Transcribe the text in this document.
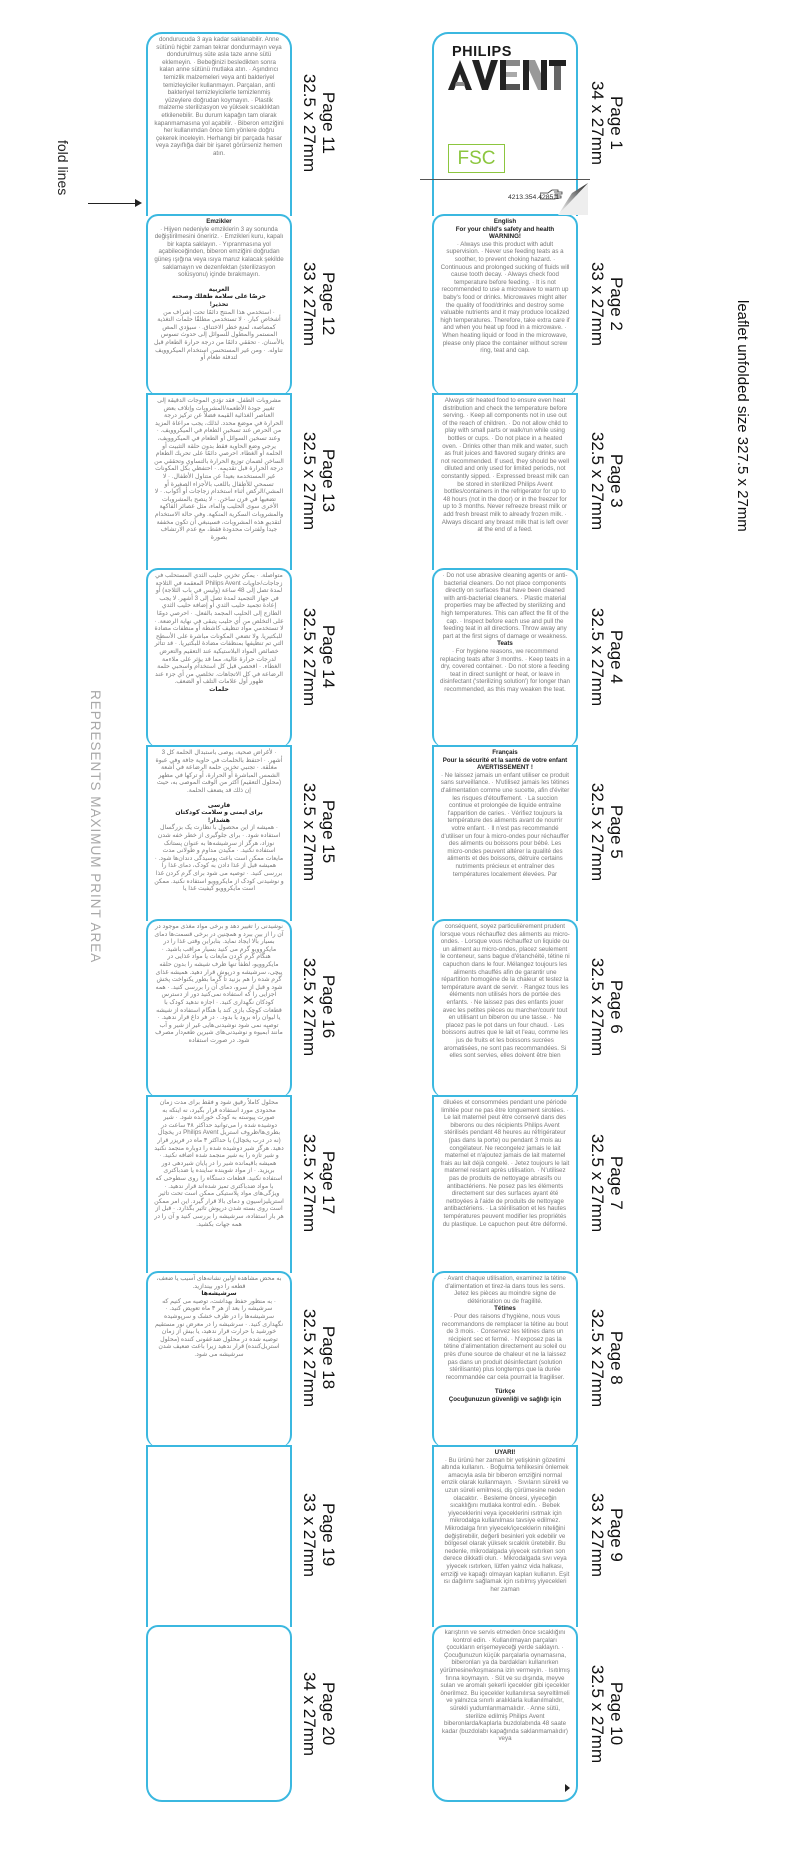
fold lines
REPRESENTS MAXIMUM PRINT AREA
leaflet unfolded size 327.5 x 27mm
PHILIPS
FSC
4213.354.4285.1
English
For your child's safety and health
WARNING!
· Always use this product with adult supervision. · Never use feeding teats as a soother, to prevent choking hazard. · Continuous and prolonged sucking of fluids will cause tooth decay. · Always check food temperature before feeding. · It is not recommended to use a microwave to warm up baby's food or drinks. Microwaves might alter the quality of food/drinks and destroy some valuable nutrients and it may produce localized high temperatures. Therefore, take extra care if and when you heat up food in a microwave. · When heating liquid or food in the microwave, please only place the container without screw ring, teat and cap.
Always stir heated food to ensure even heat distribution and check the temperature before serving. · Keep all components not in use out of the reach of children. · Do not allow child to play with small parts or walk/run while using bottles or cups. · Do not place in a heated oven. · Drinks other than milk and water, such as fruit juices and flavored sugary drinks are not recommended. If used, they should be well diluted and only used for limited periods, not constantly sipped. · Expressed breast milk can be stored in sterilized Philips Avent bottles/containers in the refrigerator for up to 48 hours (not in the door) or in the freezer for up to 3 months. Never refreeze breast milk or add fresh breast milk to already frozen milk. · Always discard any breast milk that is left over at the end of a feed.
· Do not use abrasive cleaning agents or anti-bacterial cleaners. Do not place components directly on surfaces that have been cleaned with anti-bacterial cleaners. · Plastic material properties may be affected by sterilizing and high temperatures. This can affect the fit of the cap. · Inspect before each use and pull the feeding teat in all directions. Throw away any part at the first signs of damage or weakness.
Teats
· For hygiene reasons, we recommend replacing teats after 3 months. · Keep teats in a dry, covered container. · Do not store a feeding teat in direct sunlight or heat, or leave in disinfectant ('sterilizing solution') for longer than recommended, as this may weaken the teat.
Français
Pour la sécurité et la santé de votre enfant
AVERTISSEMENT !
· Ne laissez jamais un enfant utiliser ce produit sans surveillance. · N'utilisez jamais les tétines d'alimentation comme une sucette, afin d'éviter les risques d'étouffement. · La succion continue et prolongée de liquide entraîne l'apparition de caries. · Vérifiez toujours la température des aliments avant de nourrir votre enfant. · Il n'est pas recommandé d'utiliser un four à micro-ondes pour réchauffer des aliments ou boissons pour bébé. Les micro-ondes peuvent altérer la qualité des aliments et des boissons, détruire certains nutriments précieux et entraîner des températures localement élevées. Par
conséquent, soyez particulièrement prudent lorsque vous réchauffez des aliments au micro-ondes. · Lorsque vous réchauffez un liquide ou un aliment au micro-ondes, placez seulement le conteneur, sans bague d'étanchéité, tétine ni capuchon dans le four. Mélangez toujours les aliments chauffés afin de garantir une répartition homogène de la chaleur et testez la température avant de servir. · Rangez tous les éléments non utilisés hors de portée des enfants. · Ne laissez pas des enfants jouer avec les petites pièces ou marcher/courir tout en utilisant un biberon ou une tasse. · Ne placez pas le pot dans un four chaud. · Les boissons autres que le lait et l'eau, comme les jus de fruits et les boissons sucrées aromatisées, ne sont pas recommandées. Si elles sont servies, elles doivent être bien
diluées et consommées pendant une période limitée pour ne pas être longuement sirotées. · Le lait maternel peut être conservé dans des biberons ou des récipients Philips Avent stérilisés pendant 48 heures au réfrigérateur (pas dans la porte) ou pendant 3 mois au congélateur. Ne recongelez jamais le lait maternel et n'ajoutez jamais de lait maternel frais au lait déjà congelé. · Jetez toujours le lait maternel restant après utilisation. · N'utilisez pas de produits de nettoyage abrasifs ou antibactériens. Ne posez pas les éléments directement sur des surfaces ayant été nettoyées à l'aide de produits de nettoyage antibactériens. · La stérilisation et les hautes températures peuvent modifier les propriétés du plastique. Le capuchon peut être déformé.
· Avant chaque utilisation, examinez la tétine d'alimentation et tirez-la dans tous les sens. Jetez les pièces au moindre signe de détérioration ou de fragilité.
Tétines
· Pour des raisons d'hygiène, nous vous recommandons de remplacer la tétine au bout de 3 mois. · Conservez les tétines dans un récipient sec et fermé. · N'exposez pas la tétine d'alimentation directement au soleil ou près d'une source de chaleur et ne la laissez pas dans un produit désinfectant (solution stérilisante) plus longtemps que la durée recommandée car cela pourrait la fragiliser.
Türkçe
Çocuğunuzun güvenliği ve sağlığı için
UYARI!
· Bu ürünü her zaman bir yetişkinin gözetimi altında kullanın. · Boğulma tehlikesini önlemek amacıyla asla bir biberon emziğini normal emzik olarak kullanmayın. · Sıvıların sürekli ve uzun süreli emilmesi, diş çürümesine neden olacaktır. · Besleme öncesi, yiyeceğin sıcaklığını mutlaka kontrol edin. · Bebek yiyeceklerini veya içeceklerini ısıtmak için mikrodalga kullanılması tavsiye edilmez. Mikrodalga fırın yiyecek/içeceklerin niteliğini değiştirebilir, değerli besinleri yok edebilir ve bölgesel olarak yüksek sıcaklık üretebilir. Bu nedenle, mikrodalgada yiyecek ısıtırken son derece dikkatli olun. · Mikrodalgada sıvı veya yiyecek ısıtırken, lütfen yalnız vida halkası, emziği ve kapağı olmayan kapları kullanın. Eşit ısı dağılımı sağlamak için ısıtılmış yiyecekleri her zaman
karıştırın ve servis etmeden önce sıcaklığını kontrol edin. · Kullanılmayan parçaları çocukların erişemeyeceği yerde saklayın. · Çocuğunuzun küçük parçalarla oynamasına, biberonları ya da bardakları kullanırken yürümesine/koşmasına izin vermeyin. · Isıtılmış fırına koymayın. · Süt ve su dışında, meyve suları ve aromalı şekerli içecekler gibi içecekler önerilmez. Bu içecekler kullanılırsa seyreltilmeli ve yalnızca sınırlı aralıklarla kullanılmalıdır, sürekli yudumlanmamalıdır. · Anne sütü, sterilize edilmiş Philips Avent biberonlarda/kaplarla buzdolabında 48 saate kadar (buzdolabı kapağında saklanmamalıdır) veya
dondurucuda 3 aya kadar saklanabilir. Anne sütünü hiçbir zaman tekrar dondurmayın veya dondurulmuş süte asla taze anne sütü eklemeyin. · Bebeğinizi besledikten sonra kalan anne sütünü mutlaka atın. · Aşındırıcı temizlik malzemeleri veya anti bakteriyel temizleyiciler kullanmayın. Parçaları, anti bakteriyel temizleyicilerle temizlenmiş yüzeylere doğrudan koymayın. · Plastik malzeme sterilizasyon ve yüksek sıcaklıktan etkilenebilir. Bu durum kapağın tam olarak kapanmamasına yol açabilir. · Biberon emziğini her kullanımdan önce tüm yönlere doğru çekerek inceleyin. Herhangi bir parçada hasar veya zayıflığa dair bir işaret görürseniz hemen atın.
Emzikler
· Hijyen nedeniyle emziklerin 3 ay sonunda değiştirilmesini öneririz. · Emzikleri kuru, kapalı bir kapta saklayın. · Yıpranmasına yol açabileceğinden, biberon emziğini doğrudan güneş ışığına veya ısıya maruz kalacak şekilde saklamayın ve dezenfektan (sterilizasyon solüsyonu) içinde bırakmayın.
العربية
حرصًا على سلامة طفلك وصحته
تحذير!
· استخدمي هذا المنتج دائمًا تحت إشراف من أشخاص كبار. · لا تستخدمي مطلقًا حلمات التغذية كمصاصة، لمنع خطر الاختناق. · سيؤدي المص المستمر والمطول للسوائل إلى حدوث تسوس بالأسنان. · تحققي دائمًا من درجة حرارة الطعام قبل تناوله. · ومن غير المستحسن استخدام الميكروويف لتدفئة طعام أو
مشروبات الطفل. فقد تؤدي الموجات الدقيقة إلى تغيير جودة الأطعمة/المشروبات وإتلاف بعض العناصر الغذائية القيمة فضلاً عن تركيز درجة الحرارة في موضع محدد. لذلك، يجب مراعاة المزيد من الحرص عند تسخين الطعام في الميكروويف. · وعند تسخين السوائل أو الطعام في الميكروويف، يرجى وضع الحاوية فقط بدون حلقة التثبيت أو الحلمة أو الغطاء. احرصي دائمًا على تحريك الطعام الساخن لضمان توزيع الحرارة بالتساوي وتحققي من درجة الحرارة قبل تقديمه. · احتفظي بكل المكونات غير المستخدمة بعيداً عن متناول الأطفال. · لا تسمحي للأطفال باللعب بالأجزاء الصغيرة أو المشي/الركض أثناء استخدام زجاجات أو أكواب. · لا تضعيها في فرن ساخن. · لا ينصح بالمشروبات الأخرى سوى الحليب والماء، مثل عصائر الفاكهة والمشروبات السكرية المنكهة. وفي حالة الاستخدام لتقديم هذه المشروبات، فسينبغي أن تكون مخففة جيداً ولفترات محدودة فقط، مع عدم الارتشاف بصورة
متواصلة. · يمكن تخزين حليب الثدي المستحلب في زجاجات/حاويات Philips Avent المعقمة في الثلاجة لمدة تصل إلى 48 ساعة (وليس في باب الثلاجة) أو في جهاز التجميد لمدة تصل إلى 3 أشهر. لا يجب إعادة تجميد حليب الثدي أو إضافة حليب الثدي الطازج إلى الحليب المجمد بالفعل. · احرصي دومًا على التخلص من أي حليب يتبقى في نهاية الرضعة. · لا تستخدمي مواد تنظيف كاشطة أو منظفات مضادة للبكتيريا. ولا تضعي المكونات مباشرة على الأسطح التي تم تنظيفها بمنظفات مضادة للبكتيريا. · قد تتأثر خصائص المواد البلاستيكية عند التعقيم والتعرض لدرجات حرارة عالية، مما قد يؤثر على ملاءمة الغطاء. · افحصي قبل كل استخدام واسحبي حلمة الرضاعة في كل الاتجاهات. تخلصي من أي جزء عند ظهور أول علامات التلف أو الضعف.
حلمات
· لأغراض صحية، يوصى باستبدال الحلمة كل 3 أشهر. · احتفظ بالحلمات في حاوية جافة وفي عبوة مغلقة. · تجنبي تخزين حلمة الرضاعة في أشعة الشمس المباشرة أو الحرارة، أو تركها في مطهر (محلول التعقيم) أكثر من الوقت الموصى به، حيث إن ذلك قد يضعف الحلمة.
فارسی
برای ایمنی و سلامت کودکتان
هشدار!
· همیشه از این محصول با نظارت یک بزرگسال استفاده شود. · برای جلوگیری از خطر خفه شدن نوزاد، هرگز از سرشیشه‌ها به عنوان پستانک استفاده نکنید. · مکیدن مداوم و طولانی مدت مایعات ممکن است باعث پوسیدگی دندان‌ها شود. · همیشه قبل از غذا دادن به کودک، دمای غذا را بررسی کنید. · توصیه می شود برای گرم کردن غذا و نوشیدنی کودک از مایکروویو استفاده نکنید. ممکن است مایکروویو کیفیت غذا یا
نوشیدنی را تغییر دهد و برخی مواد مغذی موجود در آن را از بین ببرد و همچنین در برخی قسمت‌ها دمای بسیار بالا ایجاد نماید. بنابراین وقتی غذا را در مایکروویو گرم می کنید بسیار مراقب باشید. · هنگام گرم کردن مایعات یا مواد غذایی در مایکروویو، لطفاً تنها ظرف شیشه را بدون حلقه پیچی، سرشیشه و درپوش قرار دهید. همیشه غذای گرم شده را هم بزنید تا گرما بطور یکنواخت پخش شود و قبل از سرو، دمای آن را بررسی کنید. · همه اجزایی را که استفاده نمی‌کنید دور از دسترس کودکان نگهداری کنید. · اجازه ندهید کودک با قطعات کوچک بازی کند یا هنگام استفاده از شیشه یا لیوان راه برود یا بدود. · در فر داغ قرار ندهید. · توصیه نمی شود نوشیدنی‌هایی غیر از شیر و آب مانند آبمیوه و نوشیدنی‌های شیرین طعم‌دار مصرف شود. در صورت استفاده
محلول کاملاً رقیق شود و فقط برای مدت زمان محدودی مورد استفاده قرار بگیرد، نه اینکه به صورت پیوسته به کودک خورانده شود. · شیر دوشیده شده را می‌توانید حداکثر ۴۸ ساعت در بطری‌ها/ظروف استریل Philips Avent در یخچال (نه در درب یخچال) یا حداکثر ۳ ماه در فریزر قرار دهید. هرگز شیر دوشیده شده را دوباره منجمد نکنید و شیر تازه را به شیر منجمد شده اضافه نکنید. · همیشه باقیمانده شیر را در پایان شیردهی دور بریزید. · از مواد شوینده ساینده یا ضدباکتری استفاده نکنید. قطعات دستگاه را روی سطوحی که با مواد ضدباکتری تمیز شده‌اند قرار ندهید. · ویژگی‌های مواد پلاستیکی ممکن است تحت تاثیر استریلیزاسیون و دمای بالا قرار گیرد. این امر ممکن است روی بسته شدن درپوش تاثیر بگذارد. · قبل از هر بار استفاده، سرشیشه را بررسی کنید و آن را در همه جهات بکشید.
به محض مشاهده اولین نشانه‌های آسیب یا ضعف، قطعه را دور بیندازید.
سرشیشه‌ها
· به منظور حفظ بهداشت، توصیه می کنیم که سرشیشه را بعد از هر ۳ ماه تعویض کنید. · سرشیشه‌ها را در ظرف خشک و سرپوشیده نگهداری کنید. · سرشیشه را در معرض نور مستقیم خورشید یا حرارت قرار ندهید، یا بیش از زمان توصیه شده در محلول ضدعفونی کننده (محلول استریل‌کننده) قرار ندهید زیرا باعث ضعیف شدن سرشیشه می شود.
Page 1
34 x 27mm
Page 2
33 x 27mm
Page 3
32.5 x 27mm
Page 4
32.5 x 27mm
Page 5
32.5 x 27mm
Page 6
32.5 x 27mm
Page 7
32.5 x 27mm
Page 8
32.5 x 27mm
Page 9
33 x 27mm
Page 10
32.5 x 27mm
Page 11
32.5 x 27mm
Page 12
33 x 27mm
Page 13
32.5 x 27mm
Page 14
32.5 x 27mm
Page 15
32.5 x 27mm
Page 16
32.5 x 27mm
Page 17
32.5 x 27mm
Page 18
32.5 x 27mm
Page 19
33 x 27mm
Page 20
34 x 27mm
